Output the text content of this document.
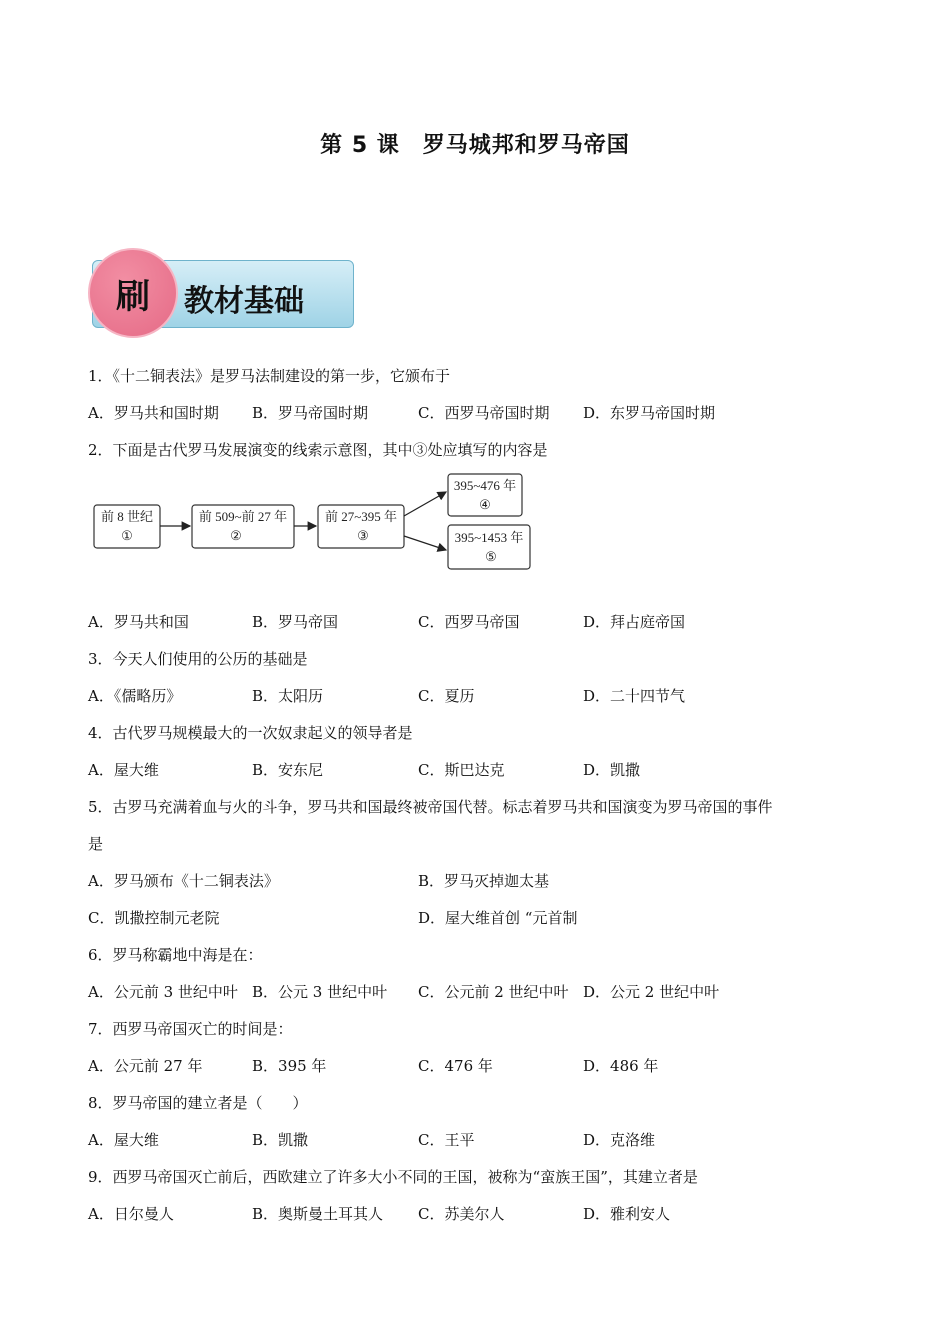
第 5 课　罗马城邦和罗马帝国
刷	教材基础
1．《十二铜表法》是罗马法制建设的第一步，它颁布于
A．罗马共和国时期 B．罗马帝国时期	C．西罗马帝国时期 D．东罗马帝国时期
2．下面是古代罗马发展演变的线索示意图，其中③处应填写的内容是
前 8 世纪
①
前 509~前 27 年
②
前 27~395 年
③
395~476 年
④
395~1453 年
⑤
A．罗马共和国	B．罗马帝国	C．西罗马帝国	D．拜占庭帝国
3．今天人们使用的公历的基础是
A．《儒略历》	B．太阳历	C．夏历	D．二十四节气
4．古代罗马规模最大的一次奴隶起义的领导者是
A．屋大维	B．安东尼	C．斯巴达克	D．凯撒
5．古罗马充满着血与火的斗争，罗马共和国最终被帝国代替。标志着罗马共和国演变为罗马帝国的事件
是
A．罗马颁布《十二铜表法》	B．罗马灭掉迦太基
C．凯撒控制元老院	D．屋大维首创 “元首制
6．罗马称霸地中海是在：
A．公元前 3 世纪中叶 B．公元 3 世纪中叶 C．公元前 2 世纪中叶 D．公元 2 世纪中叶
7．西罗马帝国灭亡的时间是：
A．公元前 27 年	B．395 年	C．476 年	D．486 年
8．罗马帝国的建立者是（　　）
A．屋大维	B．凯撒	C．王平	D．克洛维
9．西罗马帝国灭亡前后，西欧建立了许多大小不同的王国，被称为“蛮族王国”，其建立者是
A．日尔曼人	B．奥斯曼土耳其人 C．苏美尔人	D．雅利安人
